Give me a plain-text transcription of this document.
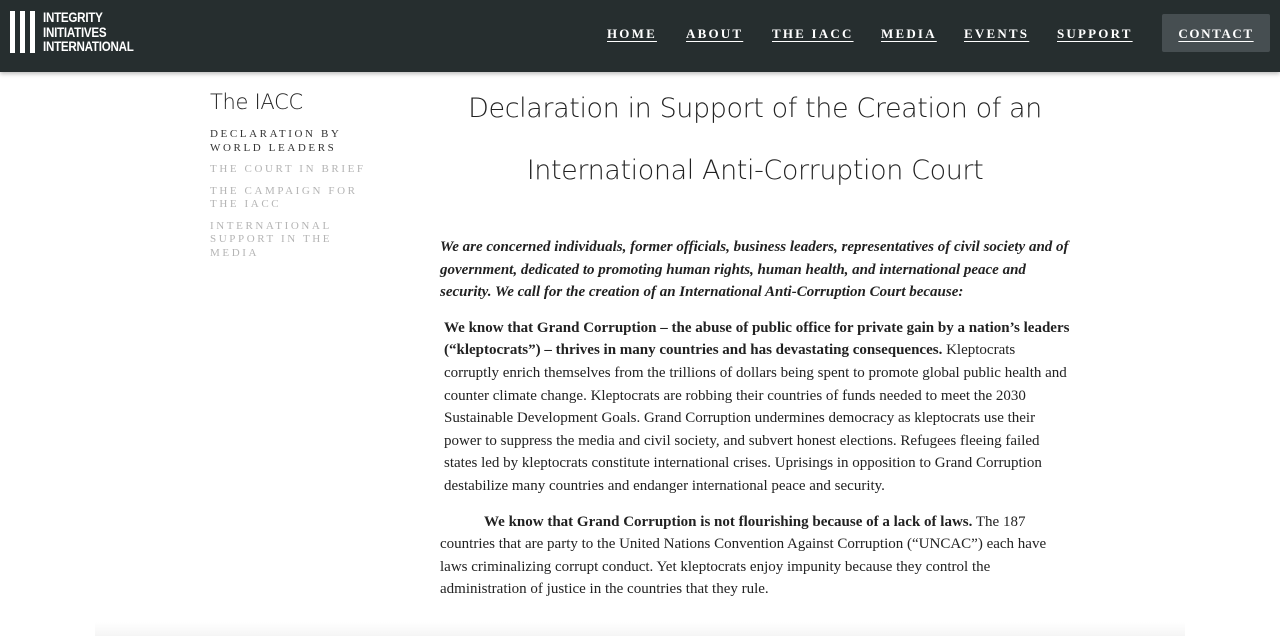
INTEGRITY
INITIATIVES
INTERNATIONAL
HOME ABOUT THE IACC MEDIA EVENTS SUPPORT	CONTACT
The IACC
DECLARATION BY WORLD LEADERS
THE COURT IN BRIEF
THE CAMPAIGN FOR THE IACC
INTERNATIONAL SUPPORT IN THE MEDIA
Declaration in Support of the Creation of an International Anti-Corruption Court

We are concerned individuals, former officials, business leaders, representatives of civil society and of government, dedicated to promoting human rights, human health, and international peace and security. We call for the creation of an International Anti-Corruption Court because:

We know that Grand Corruption – the abuse of public office for private gain by a nation’s leaders (“kleptocrats”) – thrives in many countries and has devastating consequences. Kleptocrats corruptly enrich themselves from the trillions of dollars being spent to promote global public health and counter climate change. Kleptocrats are robbing their countries of funds needed to meet the 2030 Sustainable Development Goals. Grand Corruption undermines democracy as kleptocrats use their power to suppress the media and civil society, and subvert honest elections. Refugees fleeing failed states led by kleptocrats constitute international crises. Uprisings in opposition to Grand Corruption destabilize many countries and endanger international peace and security.

We know that Grand Corruption is not flourishing because of a lack of laws. The 187 countries that are party to the United Nations Convention Against Corruption (“UNCAC”) each have laws criminalizing corrupt conduct. Yet kleptocrats enjoy impunity because they control the administration of justice in the countries that they rule.
